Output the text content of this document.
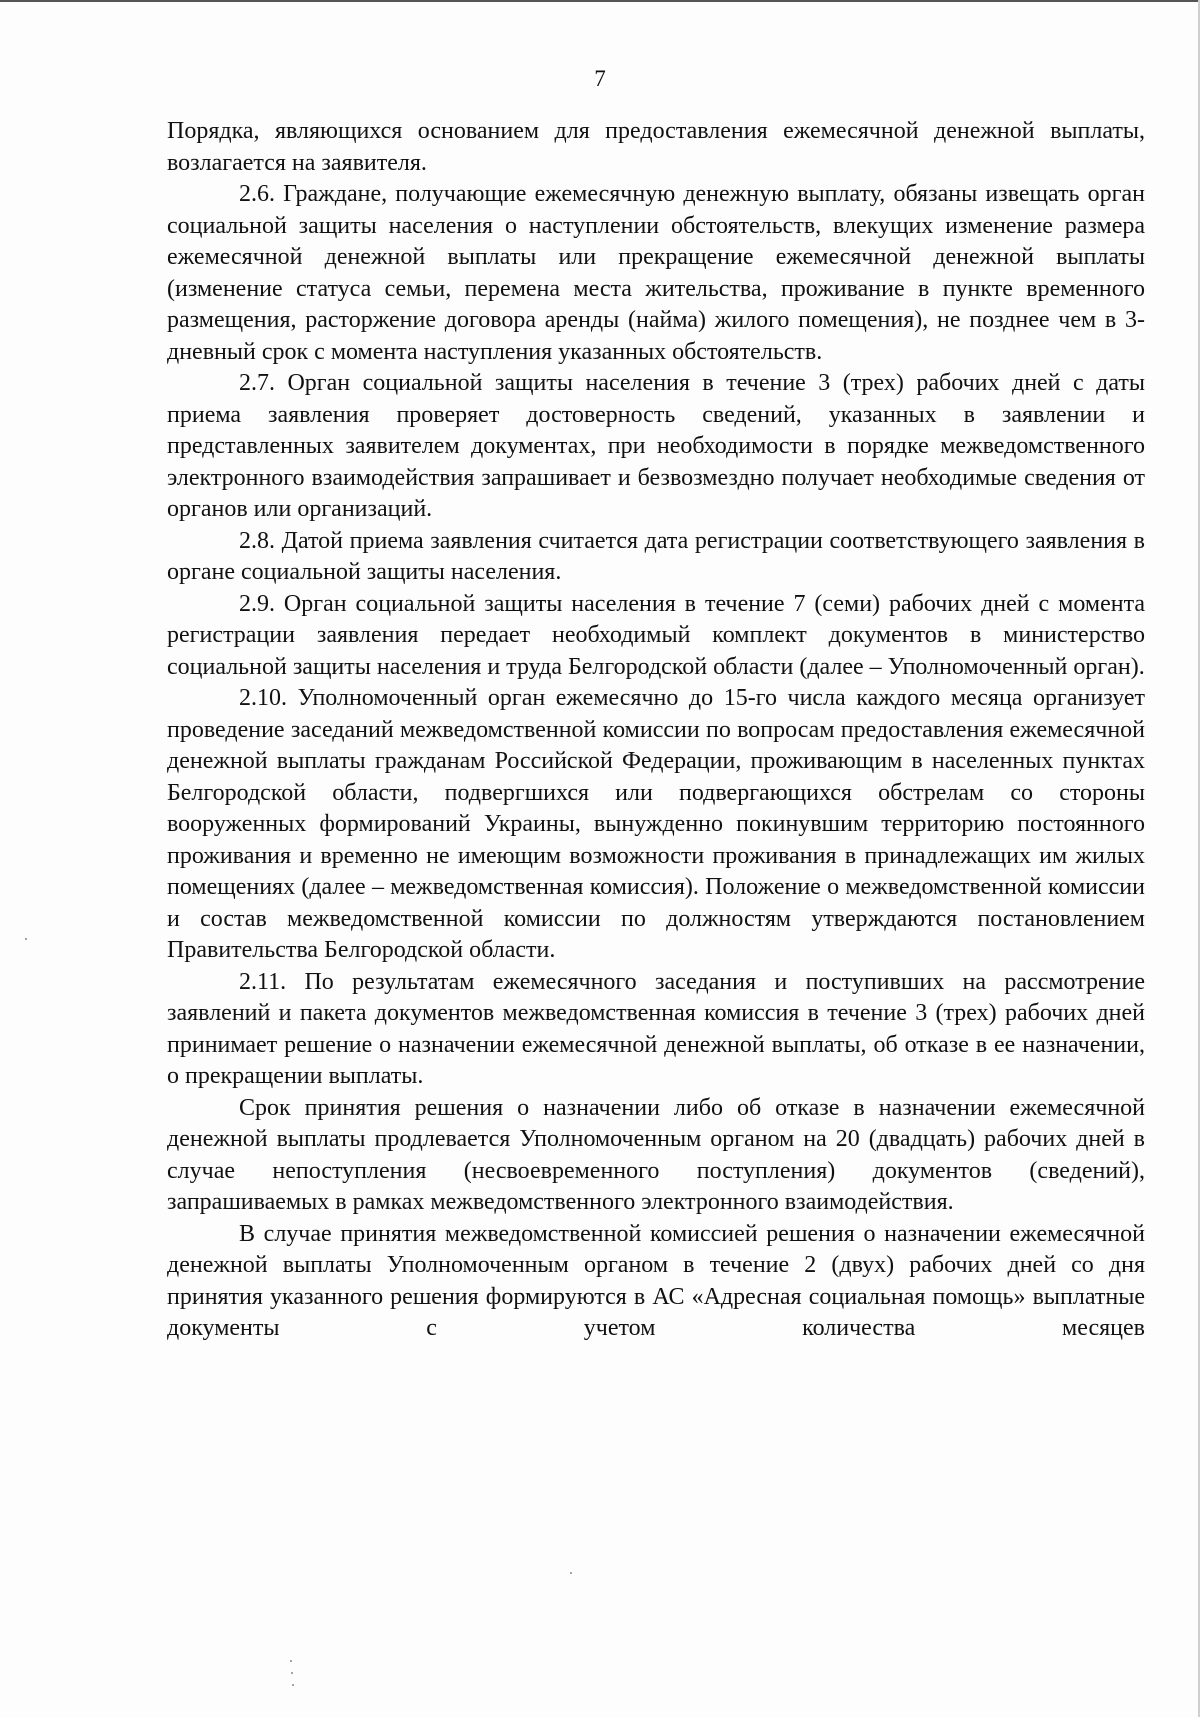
7

Порядка, являющихся основанием для предоставления ежемесячной денежной выплаты, возлагается на заявителя.

2.6. Граждане, получающие ежемесячную денежную выплату, обязаны извещать орган социальной защиты населения о наступлении обстоятельств, влекущих изменение размера ежемесячной денежной выплаты или прекращение ежемесячной денежной выплаты (изменение статуса семьи, перемена места жительства, проживание в пункте временного размещения, расторжение договора аренды (найма) жилого помещения), не позднее чем в 3-дневный срок с момента наступления указанных обстоятельств.

2.7. Орган социальной защиты населения в течение 3 (трех) рабочих дней с даты приема заявления проверяет достоверность сведений, указанных в заявлении и представленных заявителем документах, при необходимости в порядке межведомственного электронного взаимодействия запрашивает и безвозмездно получает необходимые сведения от органов или организаций.

2.8. Датой приема заявления считается дата регистрации соответствующего заявления в органе социальной защиты населения.

2.9. Орган социальной защиты населения в течение 7 (семи) рабочих дней с момента регистрации заявления передает необходимый комплект документов в министерство социальной защиты населения и труда Белгородской области (далее – Уполномоченный орган).

2.10. Уполномоченный орган ежемесячно до 15-го числа каждого месяца организует проведение заседаний межведомственной комиссии по вопросам предоставления ежемесячной денежной выплаты гражданам Российской Федерации, проживающим в населенных пунктах Белгородской области, подвергшихся или подвергающихся обстрелам со стороны вооруженных формирований Украины, вынужденно покинувшим территорию постоянного проживания и временно не имеющим возможности проживания в принадлежащих им жилых помещениях (далее – межведомственная комиссия). Положение о межведомственной комиссии и состав межведомственной комиссии по должностям утверждаются постановлением Правительства Белгородской области.

2.11. По результатам ежемесячного заседания и поступивших на рассмотрение заявлений и пакета документов межведомственная комиссия в течение 3 (трех) рабочих дней принимает решение о назначении ежемесячной денежной выплаты, об отказе в ее назначении, о прекращении выплаты.

Срок принятия решения о назначении либо об отказе в назначении ежемесячной денежной выплаты продлевается Уполномоченным органом на 20 (двадцать) рабочих дней в случае непоступления (несвоевременного поступления) документов (сведений), запрашиваемых в рамках межведомственного электронного взаимодействия.

В случае принятия межведомственной комиссией решения о назначении ежемесячной денежной выплаты Уполномоченным органом в течение 2 (двух) рабочих дней со дня принятия указанного решения формируются в АС «Адресная социальная помощь» выплатные документы с учетом количества месяцев
